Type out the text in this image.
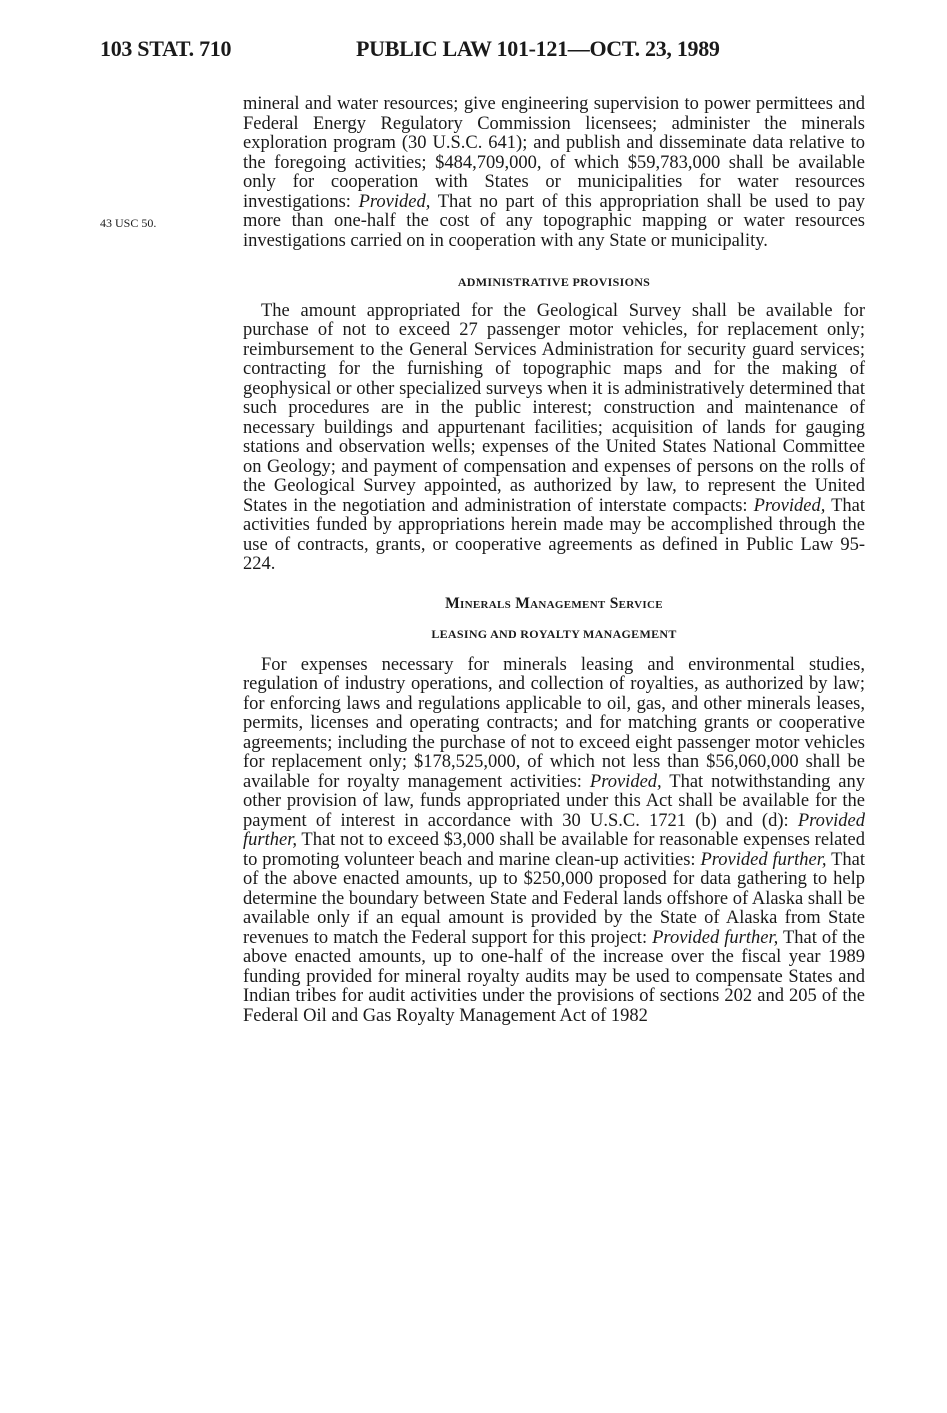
103 STAT. 710	PUBLIC LAW 101-121—OCT. 23, 1989
43 USC 50.

mineral and water resources; give engineering supervision to power permittees and Federal Energy Regulatory Commission licensees; administer the minerals exploration program (30 U.S.C. 641); and publish and disseminate data relative to the foregoing activities; $484,709,000, of which $59,783,000 shall be available only for cooperation with States or municipalities for water resources investigations: Provided, That no part of this appropriation shall be used to pay more than one-half the cost of any topographic mapping or water resources investigations carried on in cooperation with any State or municipality.

ADMINISTRATIVE PROVISIONS

The amount appropriated for the Geological Survey shall be available for purchase of not to exceed 27 passenger motor vehicles, for replacement only; reimbursement to the General Services Administration for security guard services; contracting for the furnishing of topographic maps and for the making of geophysical or other specialized surveys when it is administratively determined that such procedures are in the public interest; construction and maintenance of necessary buildings and appurtenant facilities; acquisition of lands for gauging stations and observation wells; expenses of the United States National Committee on Geology; and payment of compensation and expenses of persons on the rolls of the Geological Survey appointed, as authorized by law, to represent the United States in the negotiation and administration of interstate compacts: Provided, That activities funded by appropriations herein made may be accomplished through the use of contracts, grants, or cooperative agreements as defined in Public Law 95-224.

Minerals Management Service

LEASING AND ROYALTY MANAGEMENT

For expenses necessary for minerals leasing and environmental studies, regulation of industry operations, and collection of royalties, as authorized by law; for enforcing laws and regulations applicable to oil, gas, and other minerals leases, permits, licenses and operating contracts; and for matching grants or cooperative agreements; including the purchase of not to exceed eight passenger motor vehicles for replacement only; $178,525,000, of which not less than $56,060,000 shall be available for royalty management activities: Provided, That notwithstanding any other provision of law, funds appropriated under this Act shall be available for the payment of interest in accordance with 30 U.S.C. 1721 (b) and (d): Provided further, That not to exceed $3,000 shall be available for reasonable expenses related to promoting volunteer beach and marine clean-up activities: Provided further, That of the above enacted amounts, up to $250,000 proposed for data gathering to help determine the boundary between State and Federal lands offshore of Alaska shall be available only if an equal amount is provided by the State of Alaska from State revenues to match the Federal support for this project: Provided further, That of the above enacted amounts, up to one-half of the increase over the fiscal year 1989 funding provided for mineral royalty audits may be used to compensate States and Indian tribes for audit activities under the provisions of sections 202 and 205 of the Federal Oil and Gas Royalty Management Act of 1982
